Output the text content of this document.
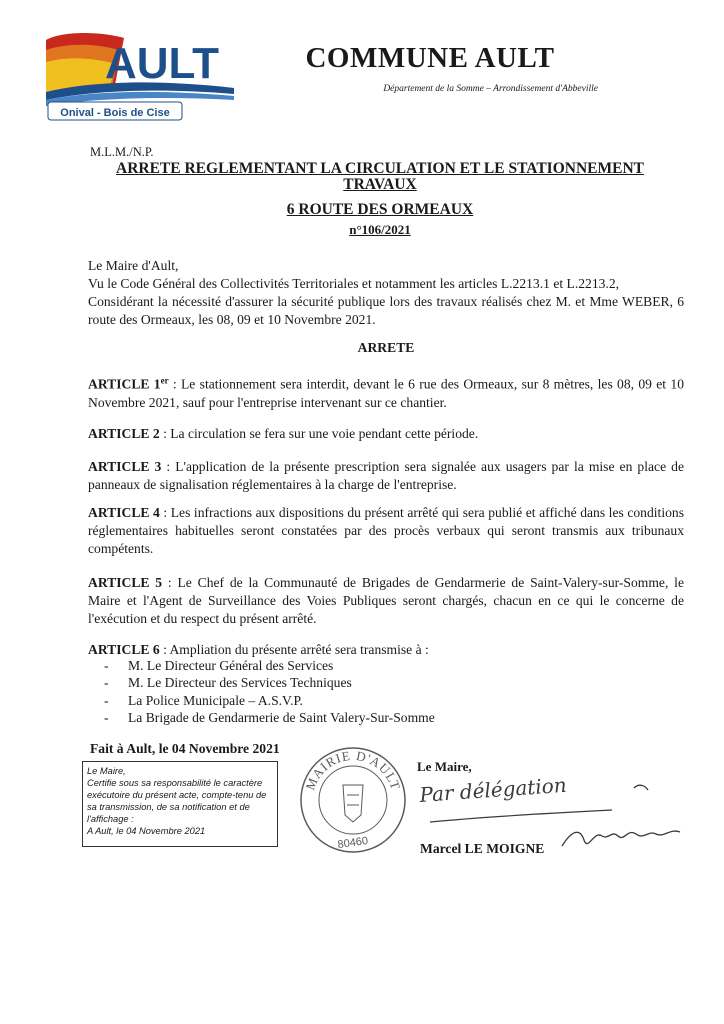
AULT
Onival - Bois de Cise
COMMUNE AULT
Département de la Somme – Arrondissement d'Abbeville
M.L.M./N.P.
ARRETE REGLEMENTANT LA CIRCULATION ET LE STATIONNEMENT
TRAVAUX
6 ROUTE DES ORMEAUX
n°106/2021
Le Maire d'Ault,
Vu le Code Général des Collectivités Territoriales et notamment les articles L.2213.1 et L.2213.2,
Considérant la nécessité d'assurer la sécurité publique lors des travaux réalisés chez M. et Mme WEBER, 6 route des Ormeaux, les 08, 09 et 10 Novembre 2021.
ARRETE
ARTICLE 1er : Le stationnement sera interdit, devant le 6 rue des Ormeaux, sur 8 mètres, les 08, 09 et 10 Novembre 2021, sauf pour l'entreprise intervenant sur ce chantier.
ARTICLE 2 : La circulation se fera sur une voie pendant cette période.
ARTICLE 3 : L'application de la présente prescription sera signalée aux usagers par la mise en place de panneaux de signalisation réglementaires à la charge de l'entreprise.
ARTICLE 4 : Les infractions aux dispositions du présent arrêté qui sera publié et affiché dans les conditions réglementaires habituelles seront constatées par des procès verbaux qui seront transmis aux tribunaux compétents.
ARTICLE 5 : Le Chef de la Communauté de Brigades de Gendarmerie de Saint-Valery-sur-Somme, le Maire et l'Agent de Surveillance des Voies Publiques seront chargés, chacun en ce qui le concerne de l'exécution et du respect du présent arrêté.
ARTICLE 6 : Ampliation du présente arrêté sera transmise à :
- M. Le Directeur Général des Services
- M. Le Directeur des Services Techniques
- La Police Municipale – A.S.V.P.
- La Brigade de Gendarmerie de Saint Valery-Sur-Somme
Fait à Ault, le 04 Novembre 2021
Le Maire,
Certifie sous sa responsabilité le caractère exécutoire du présent acte, compte-tenu de sa transmission, de sa notification et de l'affichage :
A Ault, le 04 Novembre 2021
MAIRIE D'AULT
80460
Le Maire,
Par délégation
Marcel LE MOIGNE
